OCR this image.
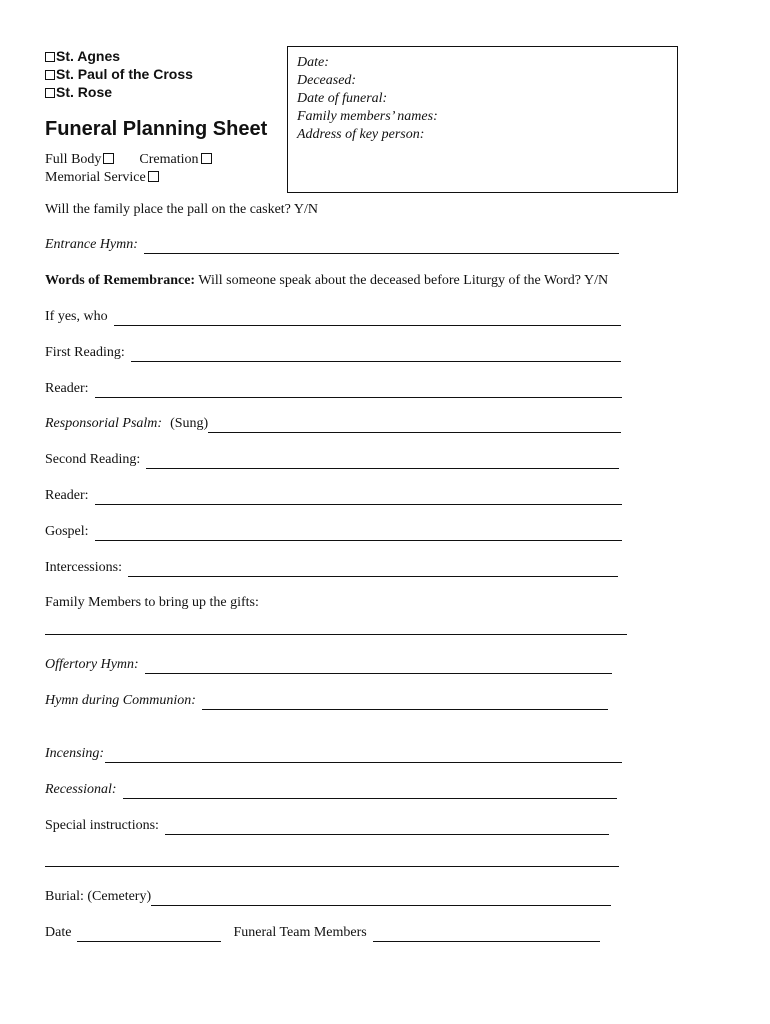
St. Agnes
St. Paul of the Cross
St. Rose
Funeral Planning Sheet
Full Body	Cremation
Memorial Service
Date:
Deceased:
Date of funeral:
Family members’ names:
Address of key person:
Will the family place the pall on the casket? Y/N
Entrance Hymn:
Words of Remembrance: Will someone speak about the deceased before Liturgy of the Word? Y/N
If yes, who
First Reading:
Reader:
Responsorial Psalm: (Sung)
Second Reading:
Reader:
Gospel:
Intercessions:
Family Members to bring up the gifts:
Offertory Hymn:
Hymn during Communion:
Incensing:
Recessional:
Special instructions:
Burial: (Cemetery)
Date	Funeral Team Members
